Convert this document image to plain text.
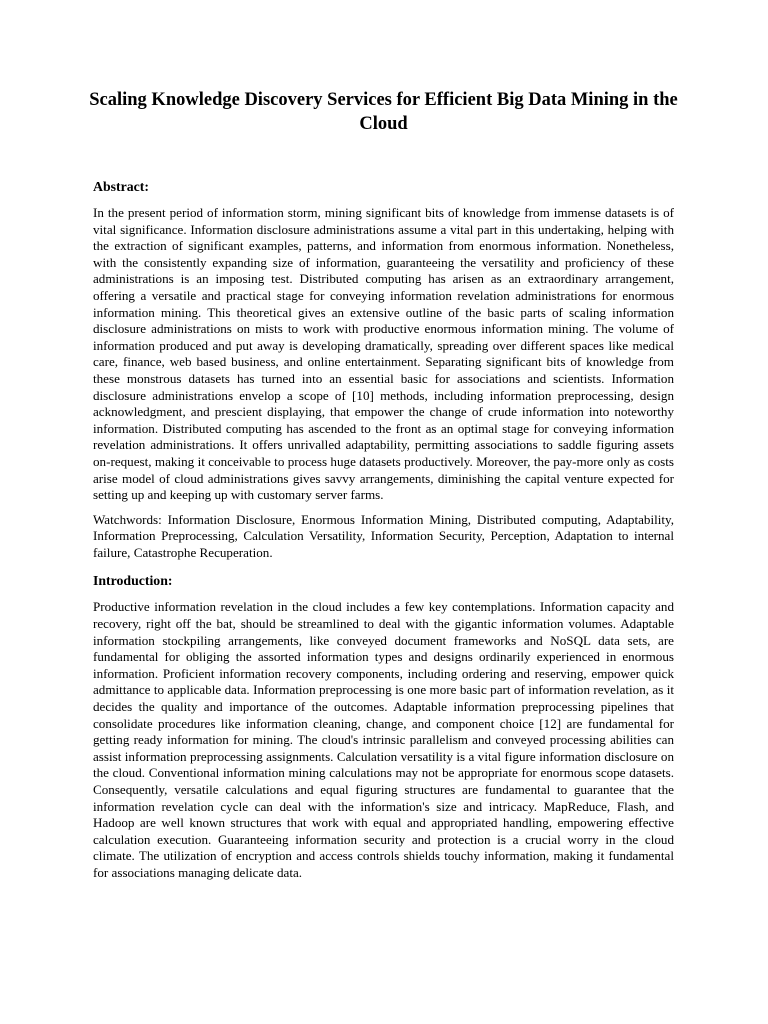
Scaling Knowledge Discovery Services for Efficient Big Data Mining in the Cloud
Abstract:

In the present period of information storm, mining significant bits of knowledge from immense datasets is of vital significance. Information disclosure administrations assume a vital part in this undertaking, helping with the extraction of significant examples, patterns, and information from enormous information. Nonetheless, with the consistently expanding size of information, guaranteeing the versatility and proficiency of these administrations is an imposing test. Distributed computing has arisen as an extraordinary arrangement, offering a versatile and practical stage for conveying information revelation administrations for enormous information mining. This theoretical gives an extensive outline of the basic parts of scaling information disclosure administrations on mists to work with productive enormous information mining. The volume of information produced and put away is developing dramatically, spreading over different spaces like medical care, finance, web based business, and online entertainment. Separating significant bits of knowledge from these monstrous datasets has turned into an essential basic for associations and scientists. Information disclosure administrations envelop a scope of [10] methods, including information preprocessing, design acknowledgment, and prescient displaying, that empower the change of crude information into noteworthy information. Distributed computing has ascended to the front as an optimal stage for conveying information revelation administrations. It offers unrivalled adaptability, permitting associations to saddle figuring assets on-request, making it conceivable to process huge datasets productively. Moreover, the pay-more only as costs arise model of cloud administrations gives savvy arrangements, diminishing the capital venture expected for setting up and keeping up with customary server farms.

Watchwords: Information Disclosure, Enormous Information Mining, Distributed computing, Adaptability, Information Preprocessing, Calculation Versatility, Information Security, Perception, Adaptation to internal failure, Catastrophe Recuperation.

Introduction:

Productive information revelation in the cloud includes a few key contemplations. Information capacity and recovery, right off the bat, should be streamlined to deal with the gigantic information volumes. Adaptable information stockpiling arrangements, like conveyed document frameworks and NoSQL data sets, are fundamental for obliging the assorted information types and designs ordinarily experienced in enormous information. Proficient information recovery components, including ordering and reserving, empower quick admittance to applicable data. Information preprocessing is one more basic part of information revelation, as it decides the quality and importance of the outcomes. Adaptable information preprocessing pipelines that consolidate procedures like information cleaning, change, and component choice [12] are fundamental for getting ready information for mining. The cloud's intrinsic parallelism and conveyed processing abilities can assist information preprocessing assignments. Calculation versatility is a vital figure information disclosure on the cloud. Conventional information mining calculations may not be appropriate for enormous scope datasets. Consequently, versatile calculations and equal figuring structures are fundamental to guarantee that the information revelation cycle can deal with the information's size and intricacy. MapReduce, Flash, and Hadoop are well known structures that work with equal and appropriated handling, empowering effective calculation execution. Guaranteeing information security and protection is a crucial worry in the cloud climate. The utilization of encryption and access controls shields touchy information, making it fundamental for associations managing delicate data.
